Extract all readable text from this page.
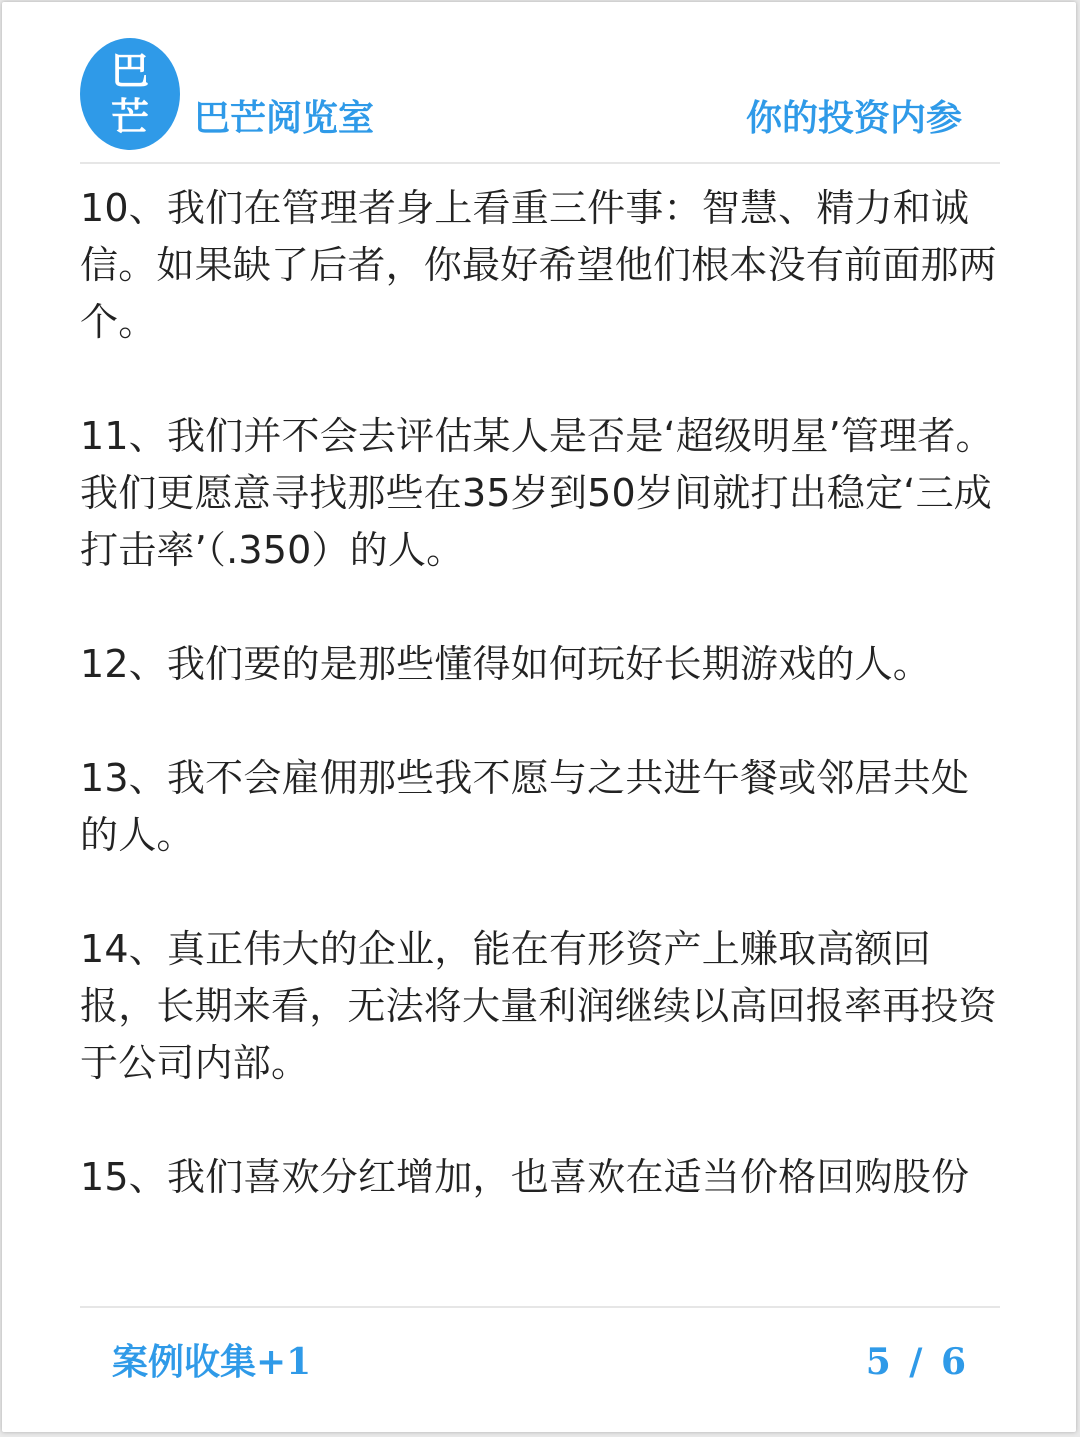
巴
芒 巴芒阅览室	你的投资内参

10、我们在管理者身上看重三件事：智慧、精力和诚信。如果缺了后者，你最好希望他们根本没有前面那两个。

11、我们并不会去评估某人是否是‘超级明星’管理者。我们更愿意寻找那些在35岁到50岁间就打出稳定‘三成打击率’（.350）的人。

12、我们要的是那些懂得如何玩好长期游戏的人。

13、我不会雇佣那些我不愿与之共进午餐或邻居共处的人。

14、真正伟大的企业，能在有形资产上赚取高额回报，长期来看，无法将大量利润继续以高回报率再投资于公司内部。

15、我们喜欢分红增加，也喜欢在适当价格回购股份

案例收集+1	5 / 6
